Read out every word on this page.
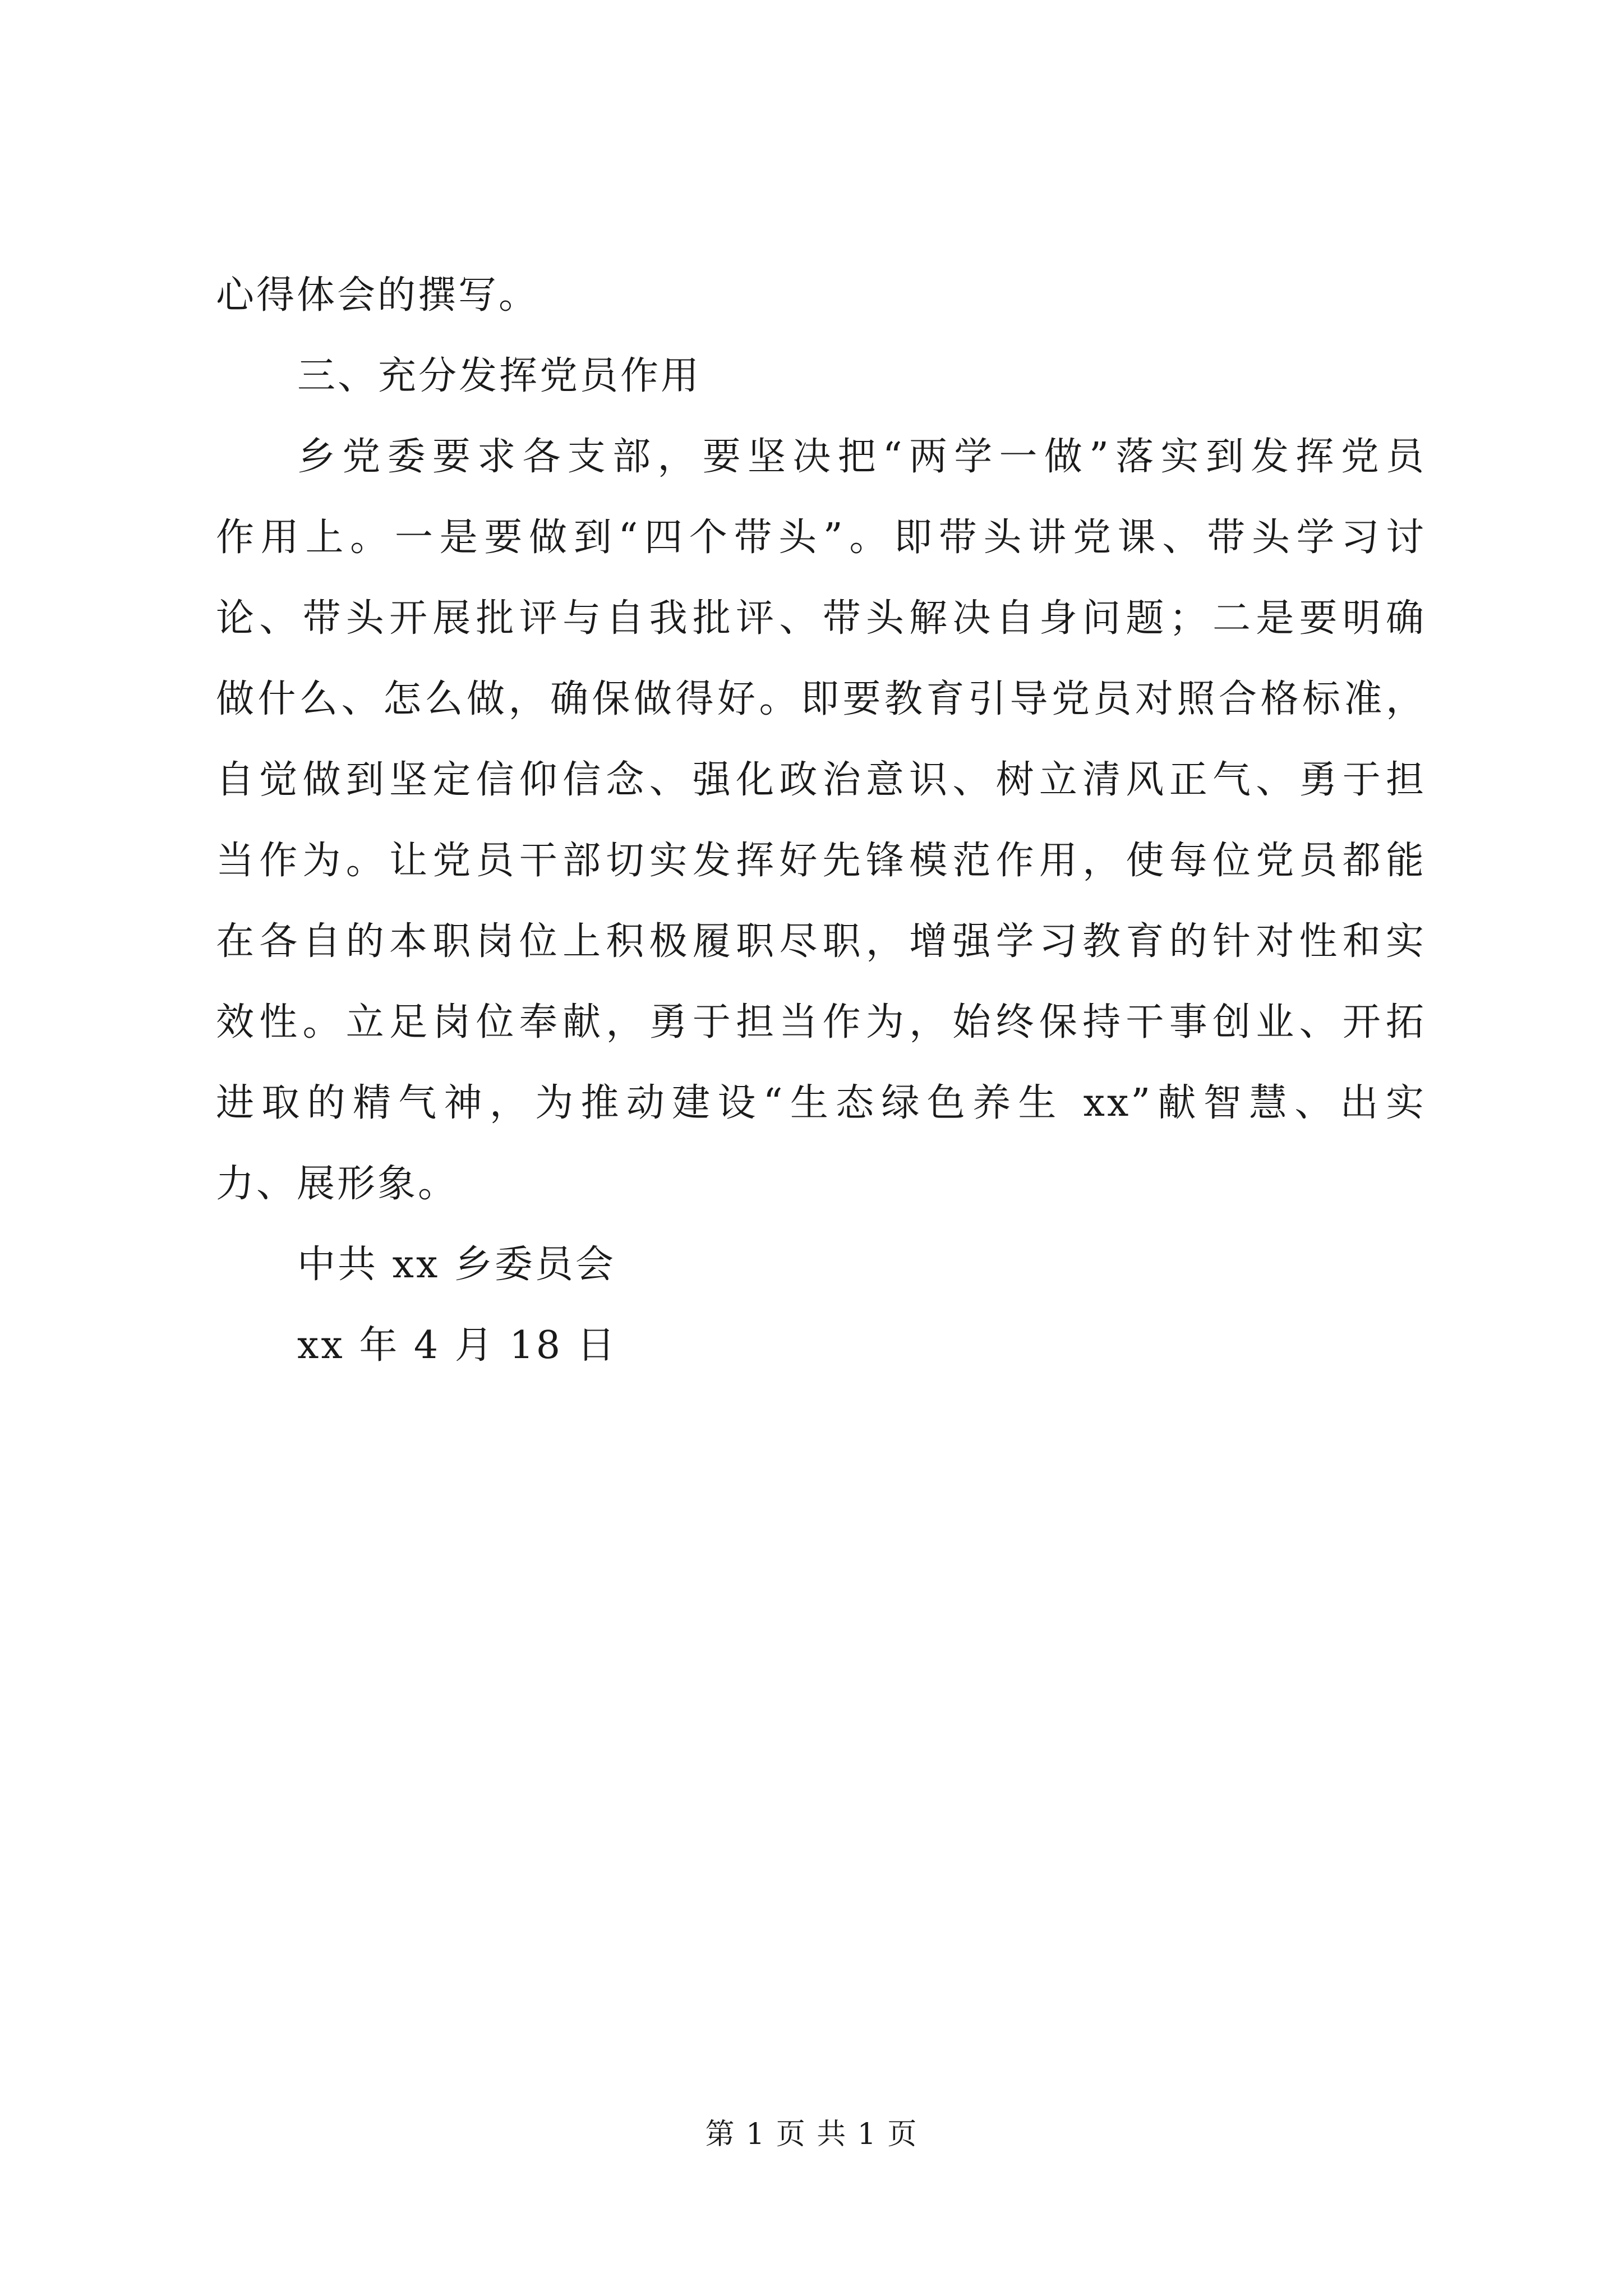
心得体会的撰写。
三、充分发挥党员作用
乡党委要求各支部，要坚决把“两学一做”落实到发挥党员
作用上。一是要做到“四个带头”。即带头讲党课、带头学习讨
论、带头开展批评与自我批评、带头解决自身问题；二是要明确
做什么、怎么做，确保做得好。即要教育引导党员对照合格标准，
自觉做到坚定信仰信念、强化政治意识、树立清风正气、勇于担
当作为。让党员干部切实发挥好先锋模范作用，使每位党员都能
在各自的本职岗位上积极履职尽职，增强学习教育的针对性和实
效性。立足岗位奉献，勇于担当作为，始终保持干事创业、开拓
进取的精气神，为推动建设“生态绿色养生 xx”献智慧、出实
力、展形象。
中共 xx 乡委员会
xx 年 4 月 18 日
第 1 页 共 1 页
